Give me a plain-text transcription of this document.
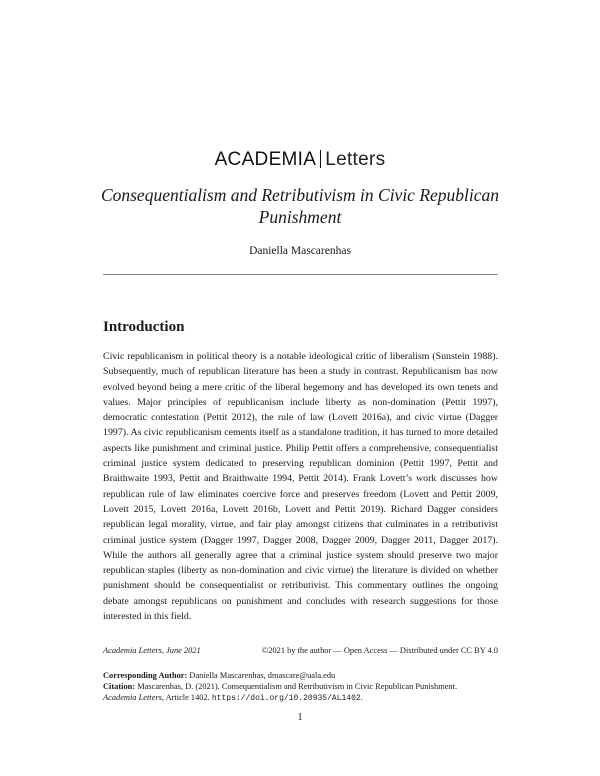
ACADEMIA Letters
Consequentialism and Retributivism in Civic Republican Punishment
Daniella Mascarenhas
Introduction
Civic republicanism in political theory is a notable ideological critic of liberalism (Sunstein 1988). Subsequently, much of republican literature has been a study in contrast. Republicanism has now evolved beyond being a mere critic of the liberal hegemony and has developed its own tenets and values. Major principles of republicanism include liberty as non-domination (Pettit 1997), democratic contestation (Pettit 2012), the rule of law (Lovett 2016a), and civic virtue (Dagger 1997). As civic republicanism cements itself as a standalone tradition, it has turned to more detailed aspects like punishment and criminal justice. Philip Pettit offers a comprehensive, consequentialist criminal justice system dedicated to preserving republican dominion (Pettit 1997, Pettit and Braithwaite 1993, Pettit and Braithwaite 1994, Pettit 2014). Frank Lovett’s work discusses how republican rule of law eliminates coercive force and preserves freedom (Lovett and Pettit 2009, Lovett 2015, Lovett 2016a, Lovett 2016b, Lovett and Pettit 2019). Richard Dagger considers republican legal morality, virtue, and fair play amongst citizens that culminates in a retributivist criminal justice system (Dagger 1997, Dagger 2008, Dagger 2009, Dagger 2011, Dagger 2017). While the authors all generally agree that a criminal justice system should preserve two major republican staples (liberty as non-domination and civic virtue) the literature is divided on whether punishment should be consequentialist or retributivist. This commentary outlines the ongoing debate amongst republicans on punishment and concludes with research suggestions for those interested in this field.
Academia Letters, June 2021	©2021 by the author — Open Access — Distributed under CC BY 4.0
Corresponding Author: Daniella Mascarenhas, dmascare@uala.edu
Citation: Mascarenhas, D. (2021). Consequentialism and Retributivism in Civic Republican Punishment.
Academia Letters, Article 1402. https://doi.org/10.20935/AL1402.
1
